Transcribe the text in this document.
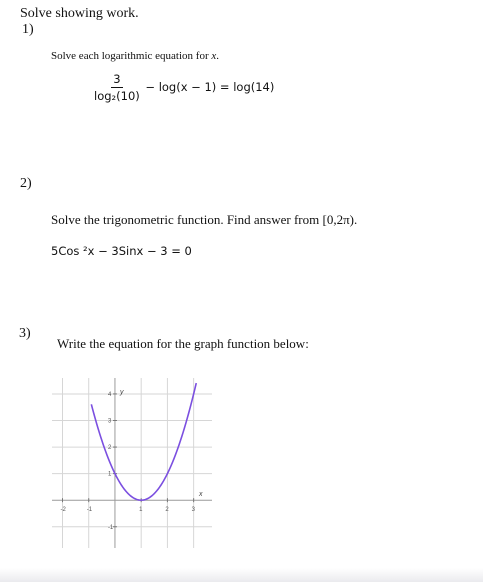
Solve showing work.
1)
Solve each logarithmic equation for x.
$\frac{3}{\text{log₂(10)}} - \log(x - 1) = \log(14)$
2)
Solve the trigonometric function. Find answer from [0,2π).
5Cos ²x − 3Sinx − 3 = 0
3)
Write the equation for the graph function below:
-2	-1	1	2	3
4
3
2
1
-1
x
y
